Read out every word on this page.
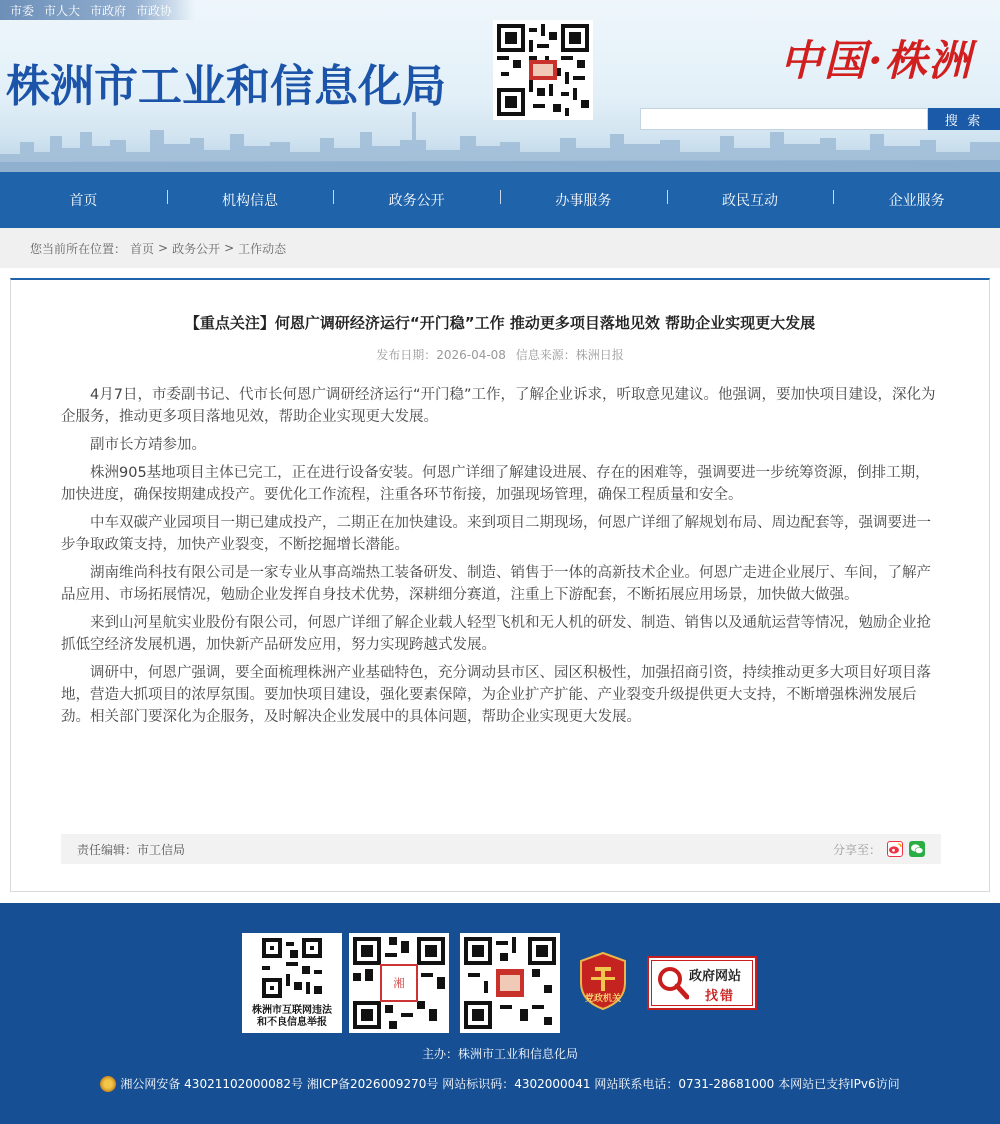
市委 市人大 市政府 市政协
株洲市工业和信息化局
中国·株洲
搜 索
首页	机构信息	政务公开	办事服务	政民互动	企业服务
您当前所在位置： 首页 > 政务公开 > 工作动态
【重点关注】何恩广调研经济运行“开门稳”工作 推动更多项目落地见效 帮助企业实现更大发展
发布日期：2026-04-08 信息来源：株洲日报

4月7日，市委副书记、代市长何恩广调研经济运行“开门稳”工作，了解企业诉求，听取意见建议。他强调，要加快项目建设，深化为企服务，推动更多项目落地见效，帮助企业实现更大发展。

副市长方靖参加。

株洲905基地项目主体已完工，正在进行设备安装。何恩广详细了解建设进展、存在的困难等，强调要进一步统筹资源，倒排工期，加快进度，确保按期建成投产。要优化工作流程，注重各环节衔接，加强现场管理，确保工程质量和安全。

中车双碳产业园项目一期已建成投产，二期正在加快建设。来到项目二期现场，何恩广详细了解规划布局、周边配套等，强调要进一步争取政策支持，加快产业裂变，不断挖掘增长潜能。

湖南维尚科技有限公司是一家专业从事高端热工装备研发、制造、销售于一体的高新技术企业。何恩广走进企业展厅、车间，了解产品应用、市场拓展情况，勉励企业发挥自身技术优势，深耕细分赛道，注重上下游配套，不断拓展应用场景，加快做大做强。

来到山河星航实业股份有限公司，何恩广详细了解企业载人轻型飞机和无人机的研发、制造、销售以及通航运营等情况，勉励企业抢抓低空经济发展机遇，加快新产品研发应用，努力实现跨越式发展。

调研中，何恩广强调，要全面梳理株洲产业基础特色，充分调动县市区、园区积极性，加强招商引资，持续推动更多大项目好项目落地，营造大抓项目的浓厚氛围。要加快项目建设，强化要素保障，为企业扩产扩能、产业裂变升级提供更大支持，不断增强株洲发展后劲。相关部门要深化为企服务，及时解决企业发展中的具体问题，帮助企业实现更大发展。

责任编辑：市工信局	分享至：
株洲市互联网违法
和不良信息举报
湘
党政机关
政府网站
找错
主办：株洲市工业和信息化局
湘公网安备 43021102000082号 湘ICP备2026009270号 网站标识码：4302000041 网站联系电话：0731-28681000 本网站已支持IPv6访问
